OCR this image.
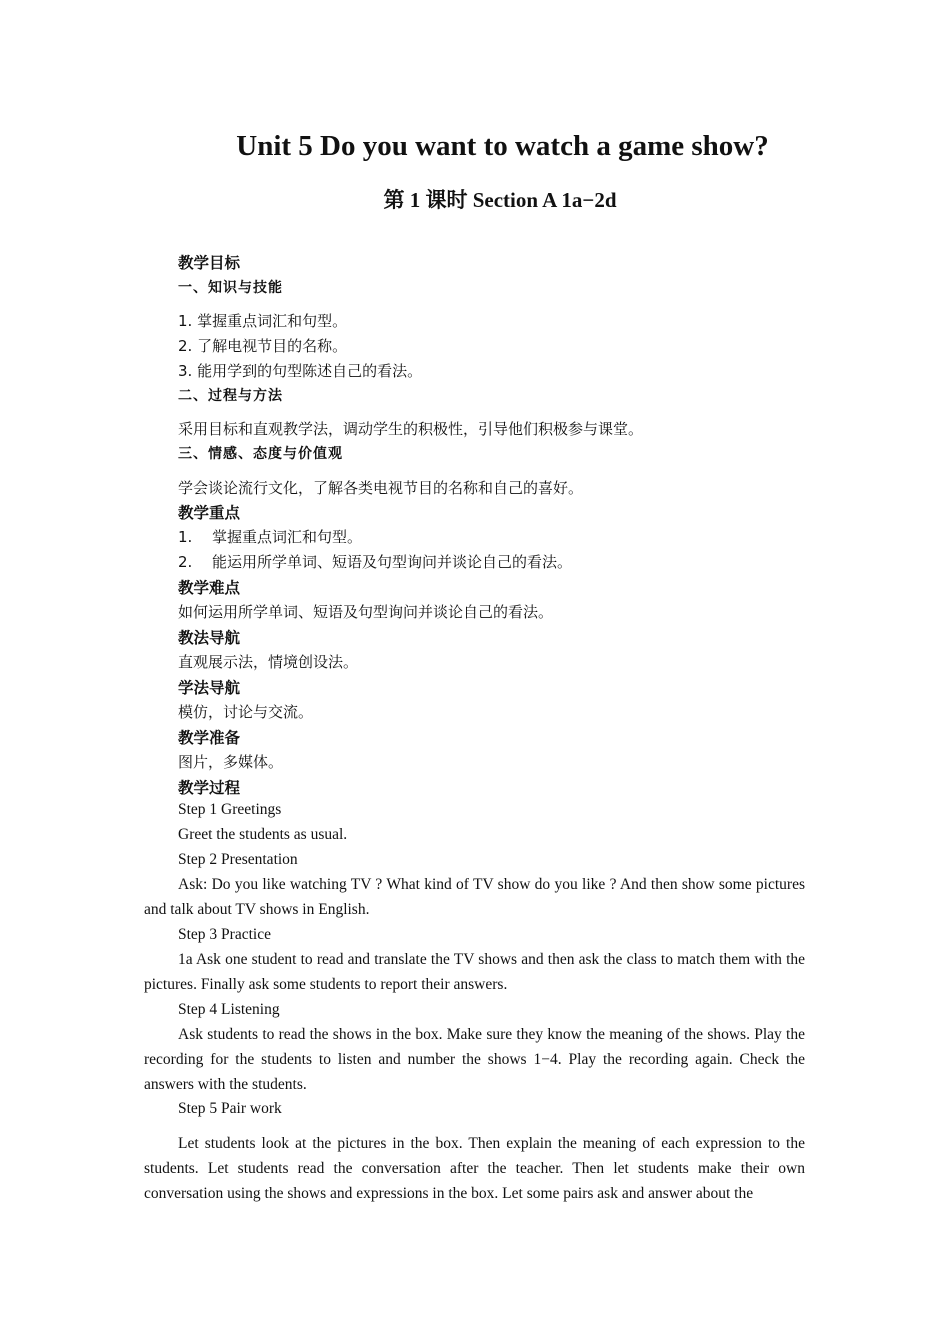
Unit 5 Do you want to watch a game show?
第 1 课时 Section A 1a−2d
教学目标
一、知识与技能
1. 掌握重点词汇和句型。
2. 了解电视节目的名称。
3. 能用学到的句型陈述自己的看法。
二、过程与方法
采用目标和直观教学法，调动学生的积极性，引导他们积极参与课堂。
三、情感、态度与价值观
学会谈论流行文化，了解各类电视节目的名称和自己的喜好。
教学重点
1. 掌握重点词汇和句型。
2. 能运用所学单词、短语及句型询问并谈论自己的看法。
教学难点
如何运用所学单词、短语及句型询问并谈论自己的看法。
教法导航
直观展示法，情境创设法。
学法导航
模仿，讨论与交流。
教学准备
图片，多媒体。
教学过程
Step 1 Greetings
Greet the students as usual.
Step 2 Presentation
Ask: Do you like watching TV ? What kind of TV show do you like ? And then show some pictures and talk about TV shows in English.
Step 3 Practice
1a Ask one student to read and translate the TV shows and then ask the class to match them with the pictures. Finally ask some students to report their answers.
Step 4 Listening
Ask students to read the shows in the box. Make sure they know the meaning of the shows. Play the recording for the students to listen and number the shows 1−4. Play the recording again. Check the answers with the students.
Step 5 Pair work
Let students look at the pictures in the box. Then explain the meaning of each expression to the students. Let students read the conversation after the teacher. Then let students make their own conversation using the shows and expressions in the box. Let some pairs ask and answer about the
